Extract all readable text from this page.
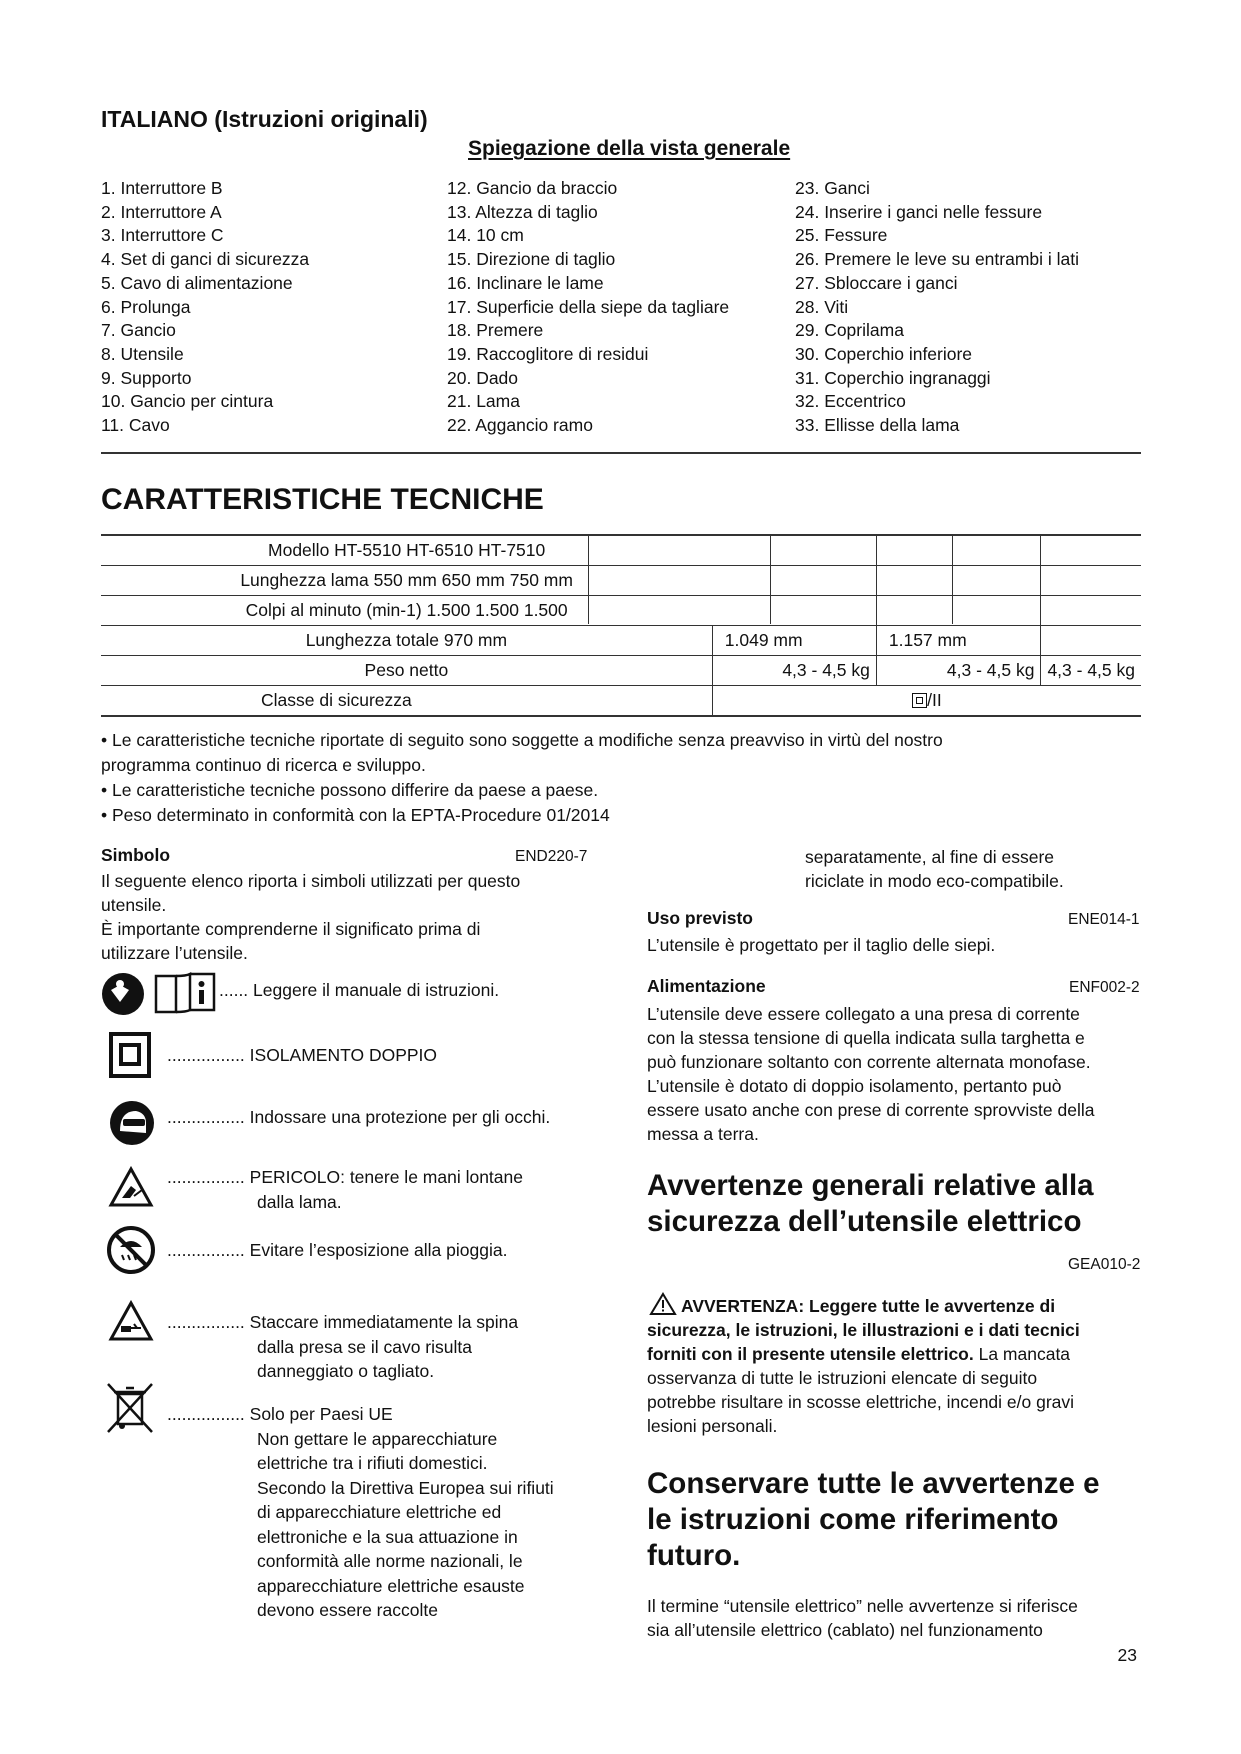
ITALIANO (Istruzioni originali)
Spiegazione della vista generale
1. Interruttore B
2. Interruttore A
3. Interruttore C
4. Set di ganci di sicurezza
5. Cavo di alimentazione
6. Prolunga
7. Gancio
8. Utensile
9. Supporto
10. Gancio per cintura
11. Cavo
12. Gancio da braccio
13. Altezza di taglio
14. 10 cm
15. Direzione di taglio
16. Inclinare le lame
17. Superficie della siepe da tagliare
18. Premere
19. Raccoglitore di residui
20. Dado
21. Lama
22. Aggancio ramo
23. Ganci
24. Inserire i ganci nelle fessure
25. Fessure
26. Premere le leve su entrambi i lati
27. Sbloccare i ganci
28. Viti
29. Coprilama
30. Coperchio inferiore
31. Coperchio ingranaggi
32. Eccentrico
33. Ellisse della lama
CARATTERISTICHE TECNICHE
Modello HT-5510 HT-6510 HT-7510			
Lunghezza lama 550 mm 650 mm 750 mm			
Colpi al minuto (min-1) 1.500 1.500 1.500			
Lunghezza totale 970 mm	1.049 mm	1.157 mm	
Peso netto	4,3 - 4,5 kg	4,3 - 4,5 kg	4,3 - 4,5 kg
Classe di sicurezza	/II		
• Le caratteristiche tecniche riportate di seguito sono soggette a modifiche senza preavviso in virtù del nostro
programma continuo di ricerca e sviluppo.
• Le caratteristiche tecniche possono differire da paese a paese.
• Peso determinato in conformità con la EPTA-Procedure 01/2014
Simbolo	END220-7
Il seguente elenco riporta i simboli utilizzati per questo
utensile.
È importante comprenderne il significato prima di
utilizzare l’utensile.
...... Leggere il manuale di istruzioni.
................ ISOLAMENTO DOPPIO
................ Indossare una protezione per gli occhi.
................ PERICOLO: tenere le mani lontane
dalla lama.
................ Evitare l’esposizione alla pioggia.
................ Staccare immediatamente la spina
dalla presa se il cavo risulta
danneggiato o tagliato.
................ Solo per Paesi UE
Non gettare le apparecchiature
elettriche tra i rifiuti domestici.
Secondo la Direttiva Europea sui rifiuti
di apparecchiature elettriche ed
elettroniche e la sua attuazione in
conformità alle norme nazionali, le
apparecchiature elettriche esauste
devono essere raccolte
separatamente, al fine di essere
riciclate in modo eco-compatibile.
Uso previsto	ENE014-1
L’utensile è progettato per il taglio delle siepi.
Alimentazione	ENF002-2
L’utensile deve essere collegato a una presa di corrente
con la stessa tensione di quella indicata sulla targhetta e
può funzionare soltanto con corrente alternata monofase.
L’utensile è dotato di doppio isolamento, pertanto può
essere usato anche con prese di corrente sprovviste della
messa a terra.
Avvertenze generali relative alla
sicurezza dell’utensile elettrico
GEA010-2
AVVERTENZA: Leggere tutte le avvertenze di
sicurezza, le istruzioni, le illustrazioni e i dati tecnici
forniti con il presente utensile elettrico. La mancata
osservanza di tutte le istruzioni elencate di seguito
potrebbe risultare in scosse elettriche, incendi e/o gravi
lesioni personali.
Conservare tutte le avvertenze e
le istruzioni come riferimento
futuro.
Il termine “utensile elettrico” nelle avvertenze si riferisce
sia all’utensile elettrico (cablato) nel funzionamento
23
